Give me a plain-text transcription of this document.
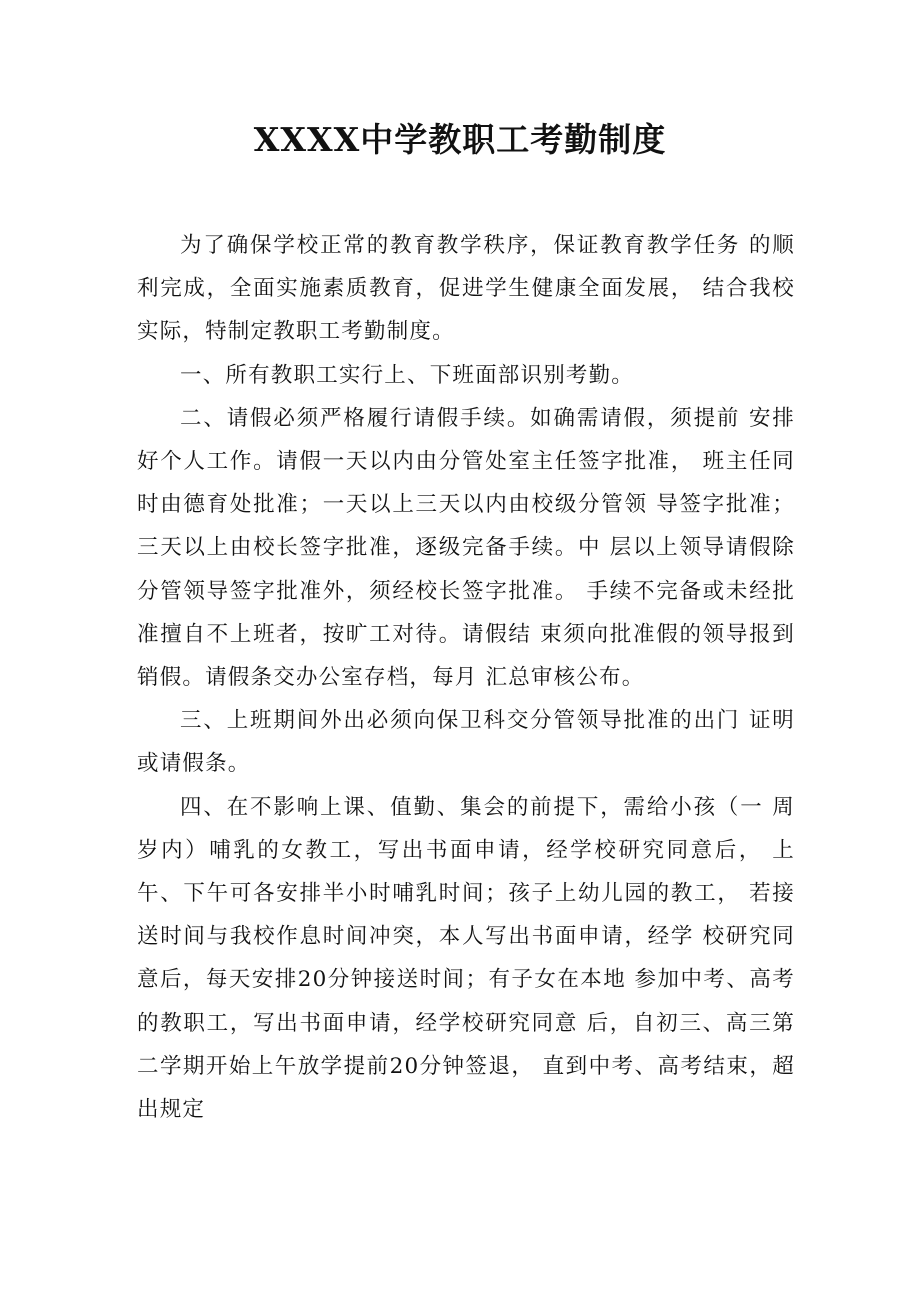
XXXX中学教职工考勤制度

为了确保学校正常的教育教学秩序，保证教育教学任务 的顺利完成，全面实施素质教育，促进学生健康全面发展， 结合我校实际，特制定教职工考勤制度。

一、所有教职工实行上、下班面部识别考勤。

二、请假必须严格履行请假手续。如确需请假，须提前 安排好个人工作。请假一天以内由分管处室主任签字批准， 班主任同时由德育处批准；一天以上三天以内由校级分管领 导签字批准；三天以上由校长签字批准，逐级完备手续。中 层以上领导请假除分管领导签字批准外，须经校长签字批准。 手续不完备或未经批准擅自不上班者，按旷工对待。请假结 束须向批准假的领导报到销假。请假条交办公室存档，每月 汇总审核公布。

三、上班期间外出必须向保卫科交分管领导批准的出门 证明或请假条。

四、在不影响上课、值勤、集会的前提下，需给小孩（一 周岁内）哺乳的女教工，写出书面申请，经学校研究同意后， 上午、下午可各安排半小时哺乳时间；孩子上幼儿园的教工， 若接送时间与我校作息时间冲突，本人写出书面申请，经学 校研究同意后，每天安排20分钟接送时间；有子女在本地 参加中考、高考的教职工，写出书面申请，经学校研究同意 后，自初三、高三第二学期开始上午放学提前20分钟签退， 直到中考、高考结束，超出规定
